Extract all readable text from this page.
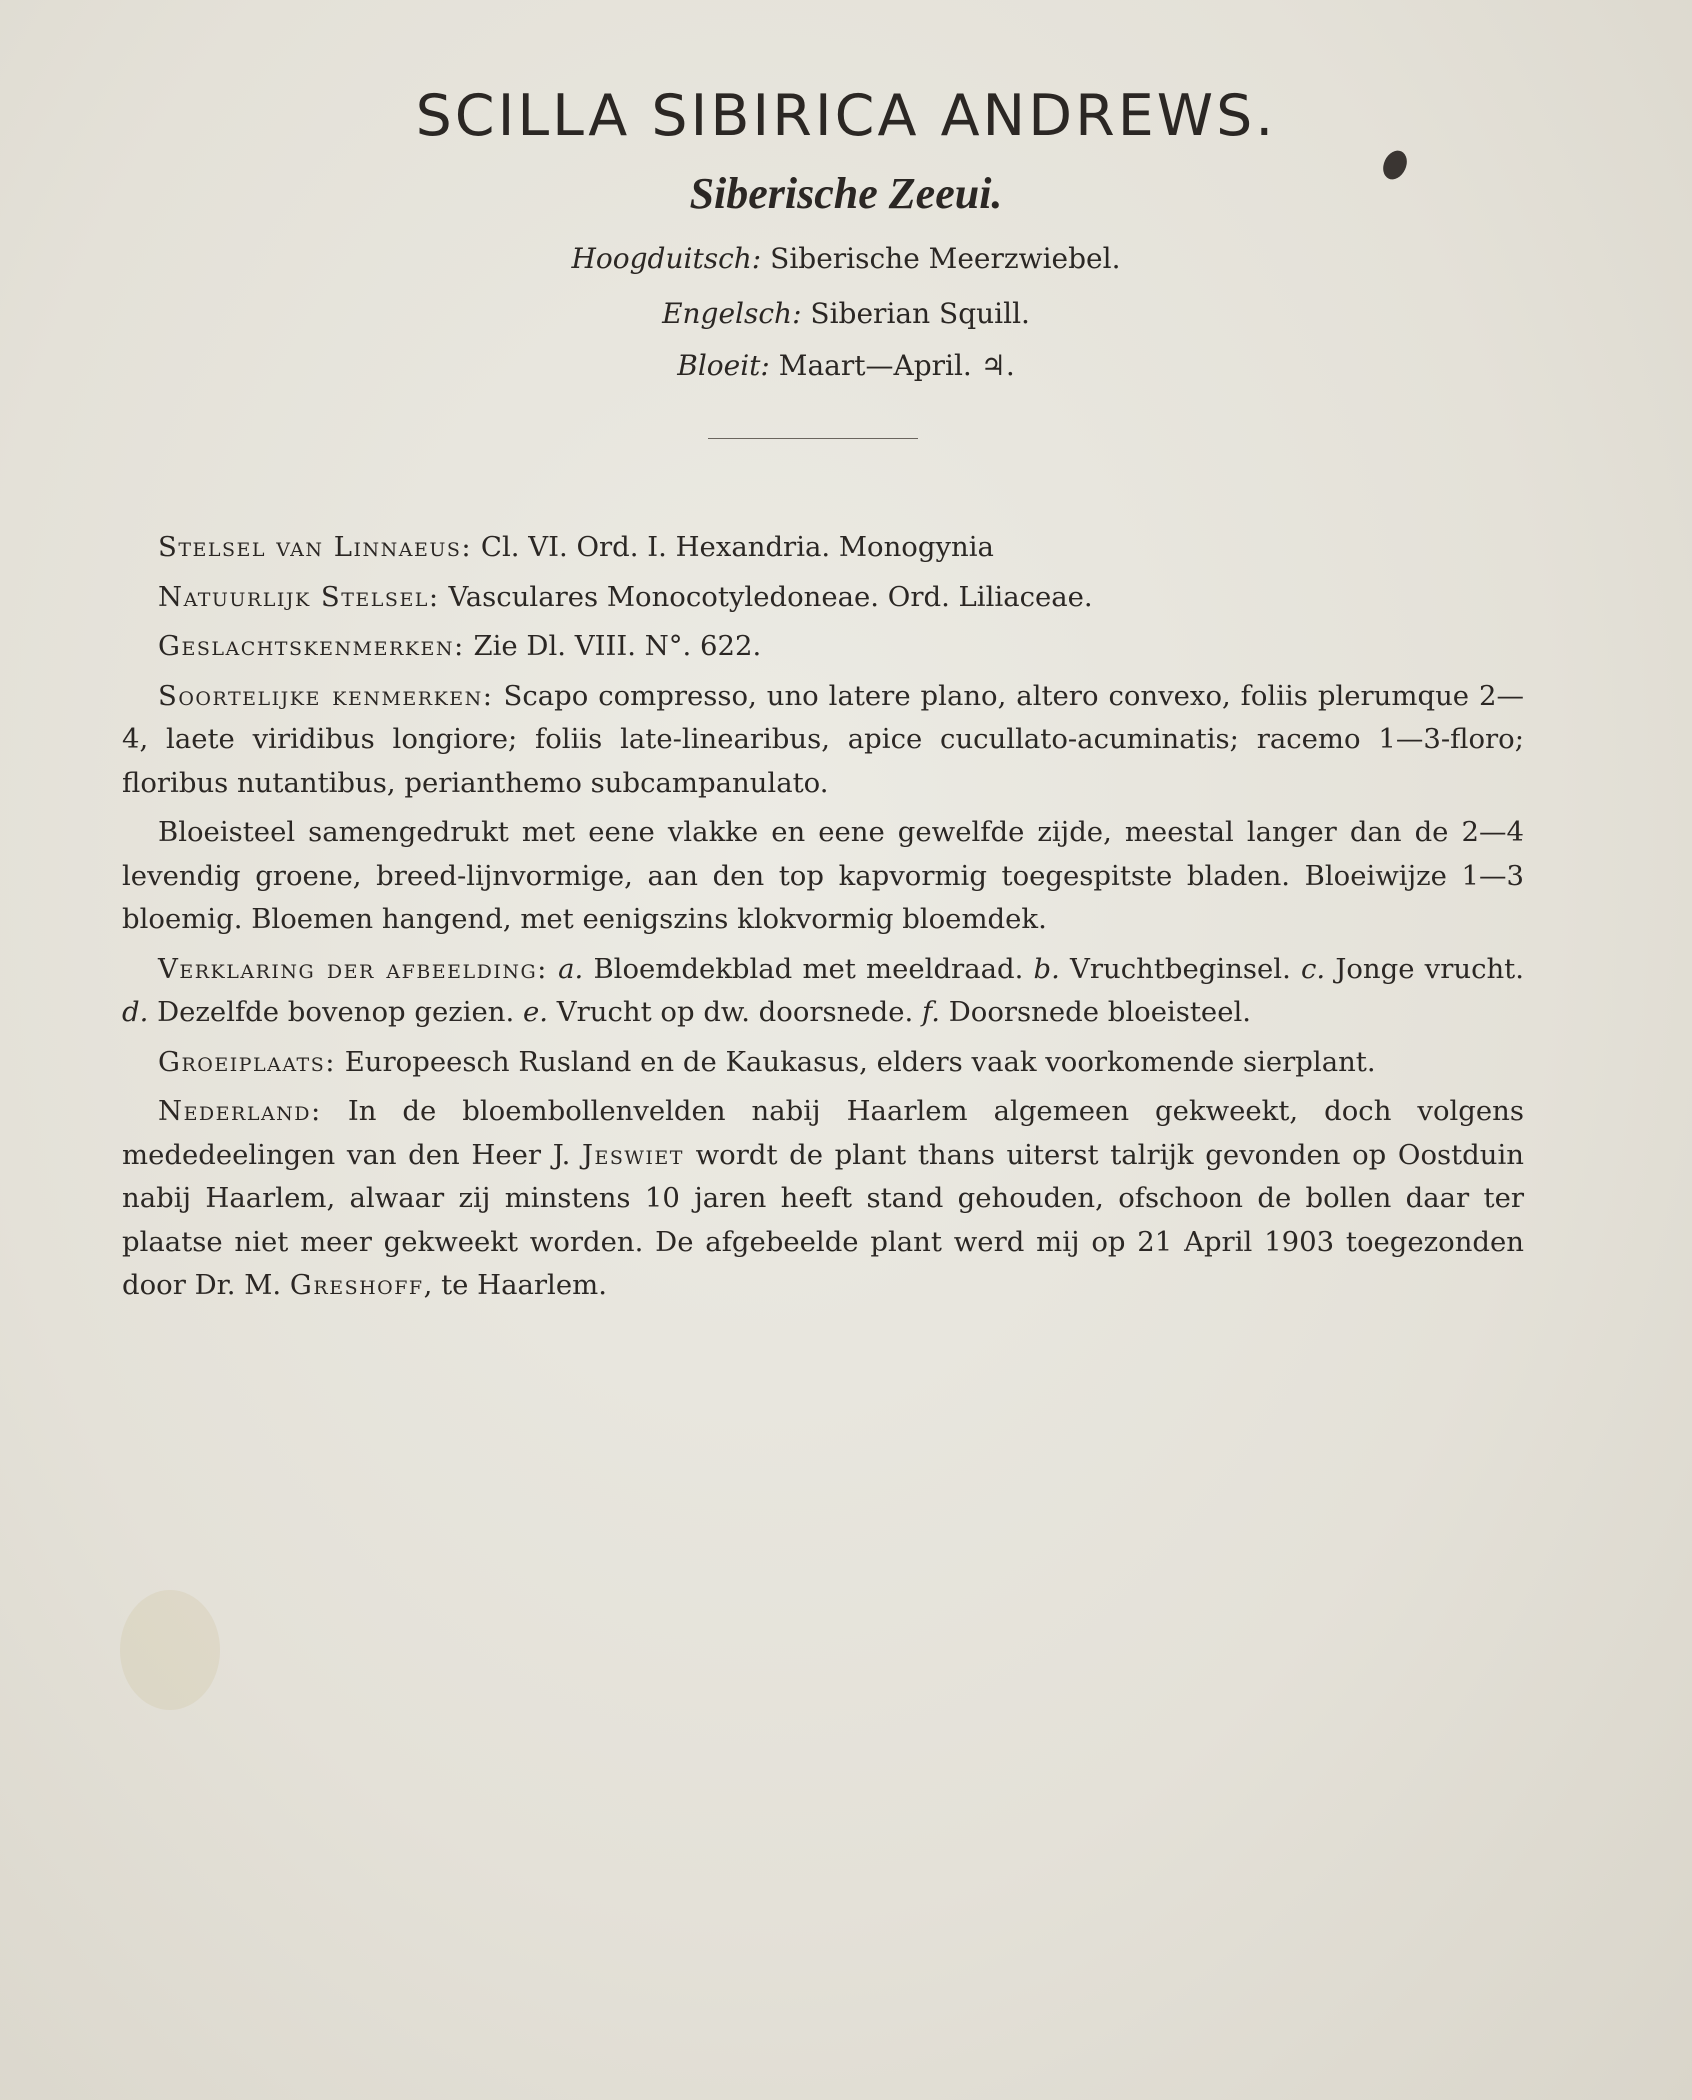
SCILLA SIBIRICA ANDREWS.
Siberische Zeeui.
Hoogduitsch: Siberische Meerzwiebel.
Engelsch: Siberian Squill.
Bloeit: Maart—April. ♃.

Stelsel van Linnaeus: Cl. VI. Ord. I. Hexandria. Monogynia

Natuurlijk Stelsel: Vasculares Monocotyledoneae. Ord. Liliaceae.

Geslachtskenmerken: Zie Dl. VIII. N°. 622.

Soortelijke kenmerken: Scapo compresso, uno latere plano, altero convexo, foliis plerumque 2—4, laete viridibus longiore; foliis late-linearibus, apice cucullato-acuminatis; racemo 1—3-floro; floribus nutantibus, perianthemo subcampanulato.

Bloeisteel samengedrukt met eene vlakke en eene gewelfde zijde, meestal langer dan de 2—4 levendig groene, breed-lijnvormige, aan den top kapvormig toegespitste bladen. Bloeiwijze 1—3 bloemig. Bloemen hangend, met eenigszins klokvormig bloemdek.

Verklaring der afbeelding: a. Bloemdekblad met meeldraad. b. Vruchtbeginsel. c. Jonge vrucht. d. Dezelfde bovenop gezien. e. Vrucht op dw. doorsnede. f. Doorsnede bloeisteel.

Groeiplaats: Europeesch Rusland en de Kaukasus, elders vaak voorkomende sierplant.

Nederland: In de bloembollenvelden nabij Haarlem algemeen gekweekt, doch volgens mededeelingen van den Heer J. Jeswiet wordt de plant thans uiterst talrijk gevonden op Oostduin nabij Haarlem, alwaar zij minstens 10 jaren heeft stand gehouden, ofschoon de bollen daar ter plaatse niet meer gekweekt worden. De afgebeelde plant werd mij op 21 April 1903 toegezonden door Dr. M. Greshoff, te Haarlem.
